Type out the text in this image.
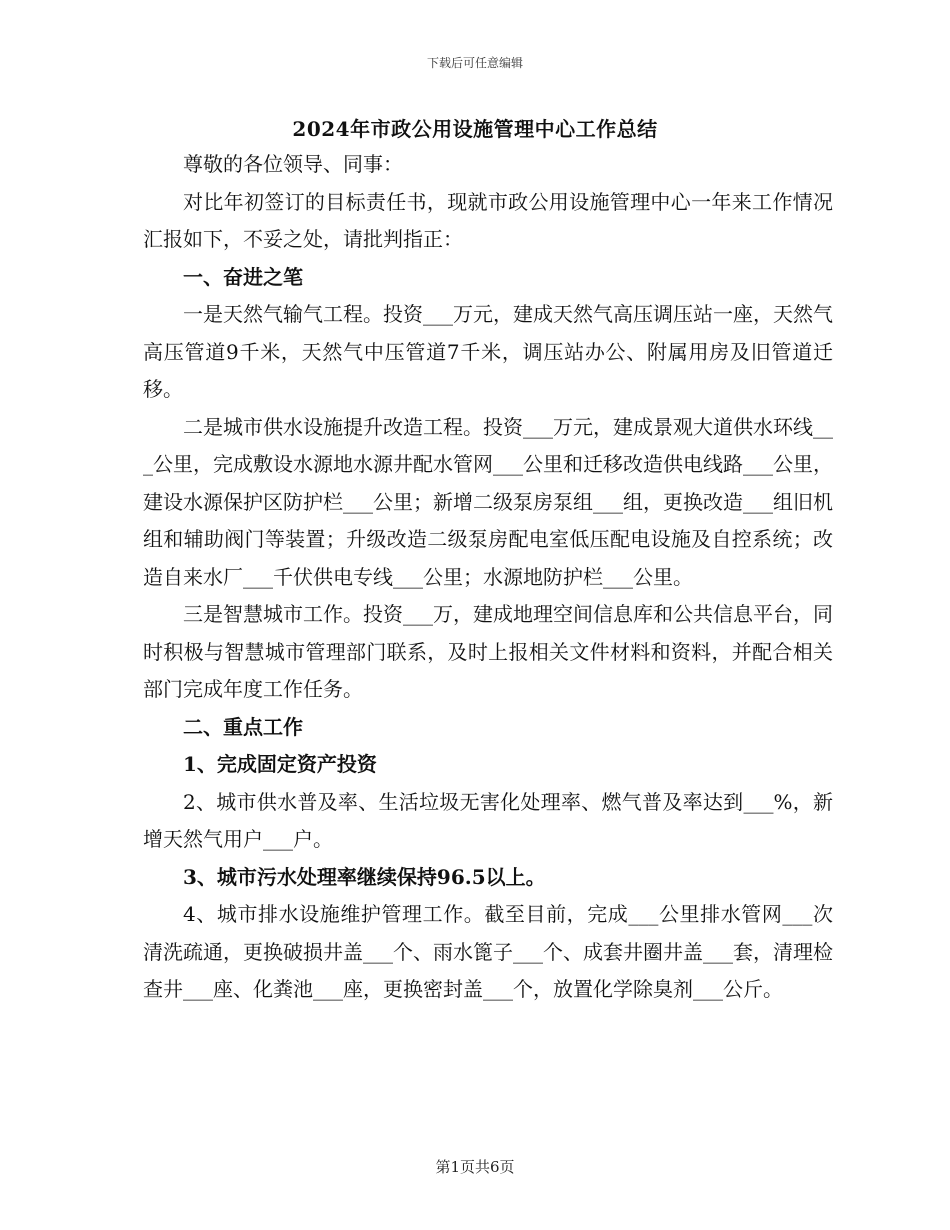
下载后可任意编辑
2024年市政公用设施管理中心工作总结

尊敬的各位领导、同事：

对比年初签订的目标责任书，现就市政公用设施管理中心一年来工作情况汇报如下，不妥之处，请批判指正：

一、奋进之笔

一是天然气输气工程。投资___万元，建成天然气高压调压站一座，天然气高压管道9千米，天然气中压管道7千米，调压站办公、附属用房及旧管道迁移。

二是城市供水设施提升改造工程。投资___万元，建成景观大道供水环线___公里，完成敷设水源地水源井配水管网___公里和迁移改造供电线路___公里，建设水源保护区防护栏___公里；新增二级泵房泵组___组，更换改造___组旧机组和辅助阀门等装置；升级改造二级泵房配电室低压配电设施及自控系统；改造自来水厂___千伏供电专线___公里；水源地防护栏___公里。

三是智慧城市工作。投资___万，建成地理空间信息库和公共信息平台，同时积极与智慧城市管理部门联系，及时上报相关文件材料和资料，并配合相关部门完成年度工作任务。

二、重点工作

1、完成固定资产投资

2、城市供水普及率、生活垃圾无害化处理率、燃气普及率达到___%，新增天然气用户___户。

3、城市污水处理率继续保持96.5以上。

4、城市排水设施维护管理工作。截至目前，完成___公里排水管网___次清洗疏通，更换破损井盖___个、雨水篦子___个、成套井圈井盖___套，清理检查井___座、化粪池___座，更换密封盖___个，放置化学除臭剂___公斤。

第1页共6页
